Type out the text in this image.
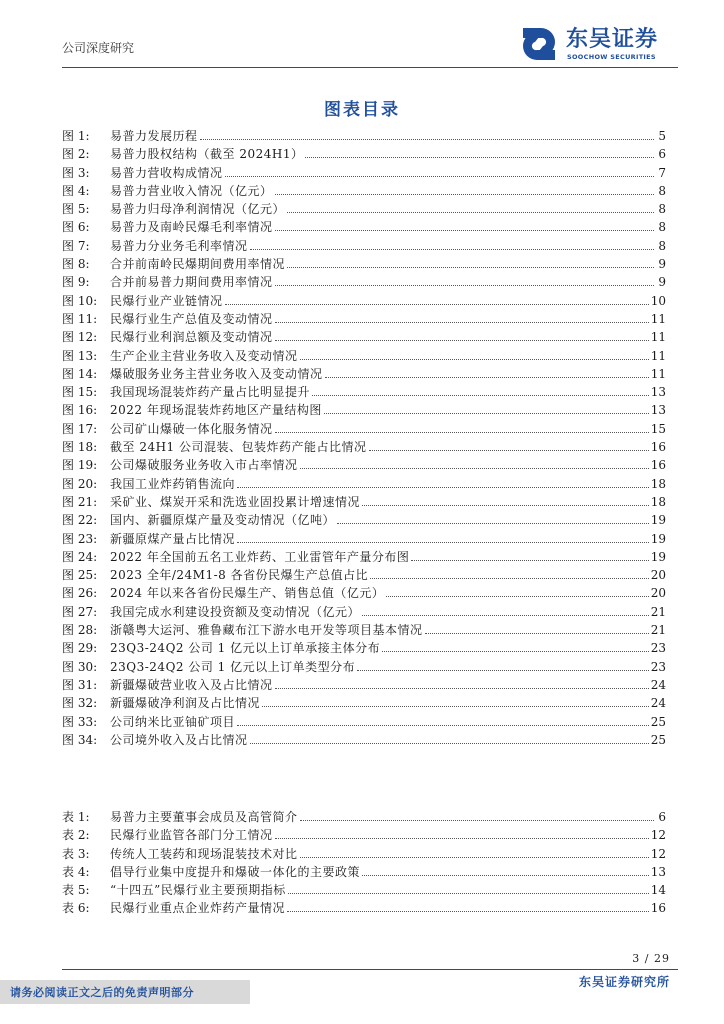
公司深度研究	东吴证券
SOOCHOW SECURITIES
图表目录
图 1:	易普力发展历程	5
图 2:	易普力股权结构（截至 2024H1）	6
图 3:	易普力营收构成情况	7
图 4:	易普力营业收入情况（亿元）	8
图 5:	易普力归母净利润情况（亿元）	8
图 6:	易普力及南岭民爆毛利率情况	8
图 7:	易普力分业务毛利率情况	8
图 8:	合并前南岭民爆期间费用率情况	9
图 9:	合并前易普力期间费用率情况	9
图 10:	民爆行业产业链情况	10
图 11:	民爆行业生产总值及变动情况	11
图 12:	民爆行业利润总额及变动情况	11
图 13:	生产企业主营业务收入及变动情况	11
图 14:	爆破服务业务主营业务收入及变动情况	11
图 15:	我国现场混装炸药产量占比明显提升	13
图 16:	2022 年现场混装炸药地区产量结构图	13
图 17:	公司矿山爆破一体化服务情况	15
图 18:	截至 24H1 公司混装、包装炸药产能占比情况	16
图 19:	公司爆破服务业务收入市占率情况	16
图 20:	我国工业炸药销售流向	18
图 21:	采矿业、煤炭开采和洗选业固投累计增速情况	18
图 22:	国内、新疆原煤产量及变动情况（亿吨）	19
图 23:	新疆原煤产量占比情况	19
图 24:	2022 年全国前五名工业炸药、工业雷管年产量分布图	19
图 25:	2023 全年/24M1-8 各省份民爆生产总值占比	20
图 26:	2024 年以来各省份民爆生产、销售总值（亿元）	20
图 27:	我国完成水利建设投资额及变动情况（亿元）	21
图 28:	浙赣粤大运河、雅鲁藏布江下游水电开发等项目基本情况	21
图 29:	23Q3-24Q2 公司 1 亿元以上订单承接主体分布	23
图 30:	23Q3-24Q2 公司 1 亿元以上订单类型分布	23
图 31:	新疆爆破营业收入及占比情况	24
图 32:	新疆爆破净利润及占比情况	24
图 33:	公司纳米比亚铀矿项目	25
图 34:	公司境外收入及占比情况	25
表 1:	易普力主要董事会成员及高管简介	6
表 2:	民爆行业监管各部门分工情况	12
表 3:	传统人工装药和现场混装技术对比	12
表 4:	倡导行业集中度提升和爆破一体化的主要政策	13
表 5:	“十四五”民爆行业主要预期指标	14
表 6:	民爆行业重点企业炸药产量情况	16
3 / 29
请务必阅读正文之后的免责声明部分
东吴证券研究所
